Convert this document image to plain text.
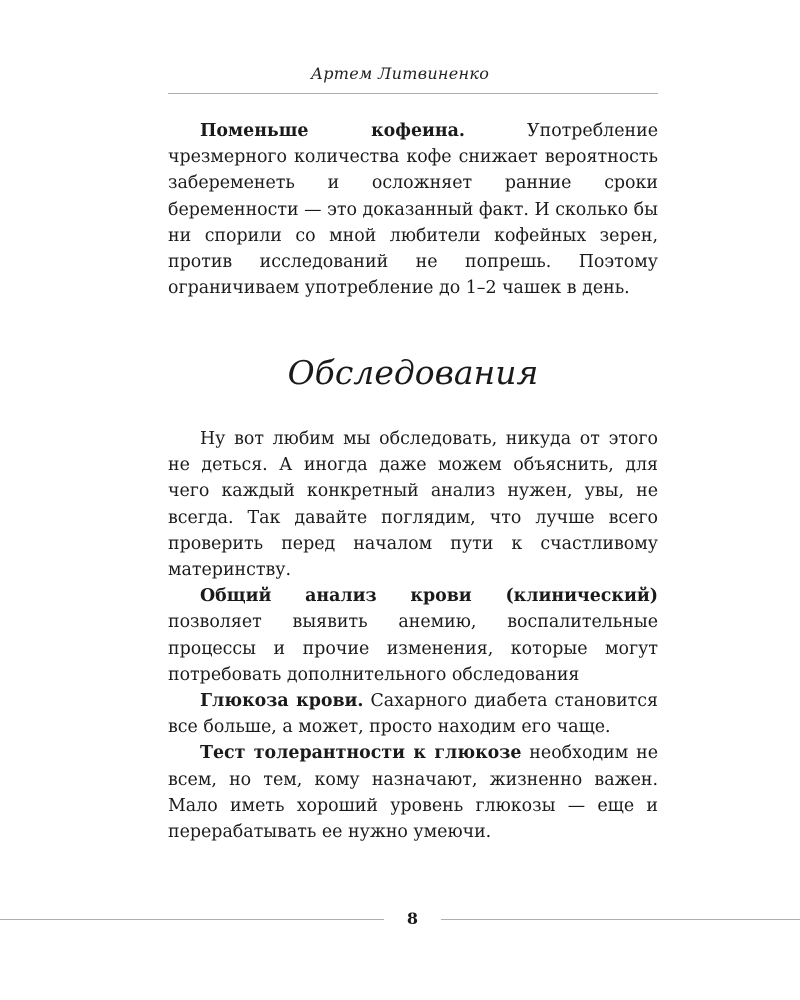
Артем Литвиненко

Поменьше кофеина. Употребление чрезмерного количества кофе снижает вероятность забеременеть и осложняет ранние сроки беременности — это доказанный факт. И сколько бы ни спорили со мной любители кофейных зерен, против исследований не попрешь. Поэтому ограничиваем употребление до 1–2 чашек в день.

Обследования

Ну вот любим мы обследовать, никуда от этого не деться. А иногда даже можем объяснить, для чего каждый конкретный анализ нужен, увы, не всегда. Так давайте поглядим, что лучше всего проверить перед началом пути к счастливому материнству.

Общий анализ крови (клинический) позволяет выявить анемию, воспалительные процессы и прочие изменения, которые могут потребовать дополнительного обследования

Глюкоза крови. Сахарного диабета становится все больше, а может, просто находим его чаще.

Тест толерантности к глюкозе необходим не всем, но тем, кому назначают, жизненно важен. Мало иметь хороший уровень глюкозы — еще и перерабатывать ее нужно умеючи.

8
